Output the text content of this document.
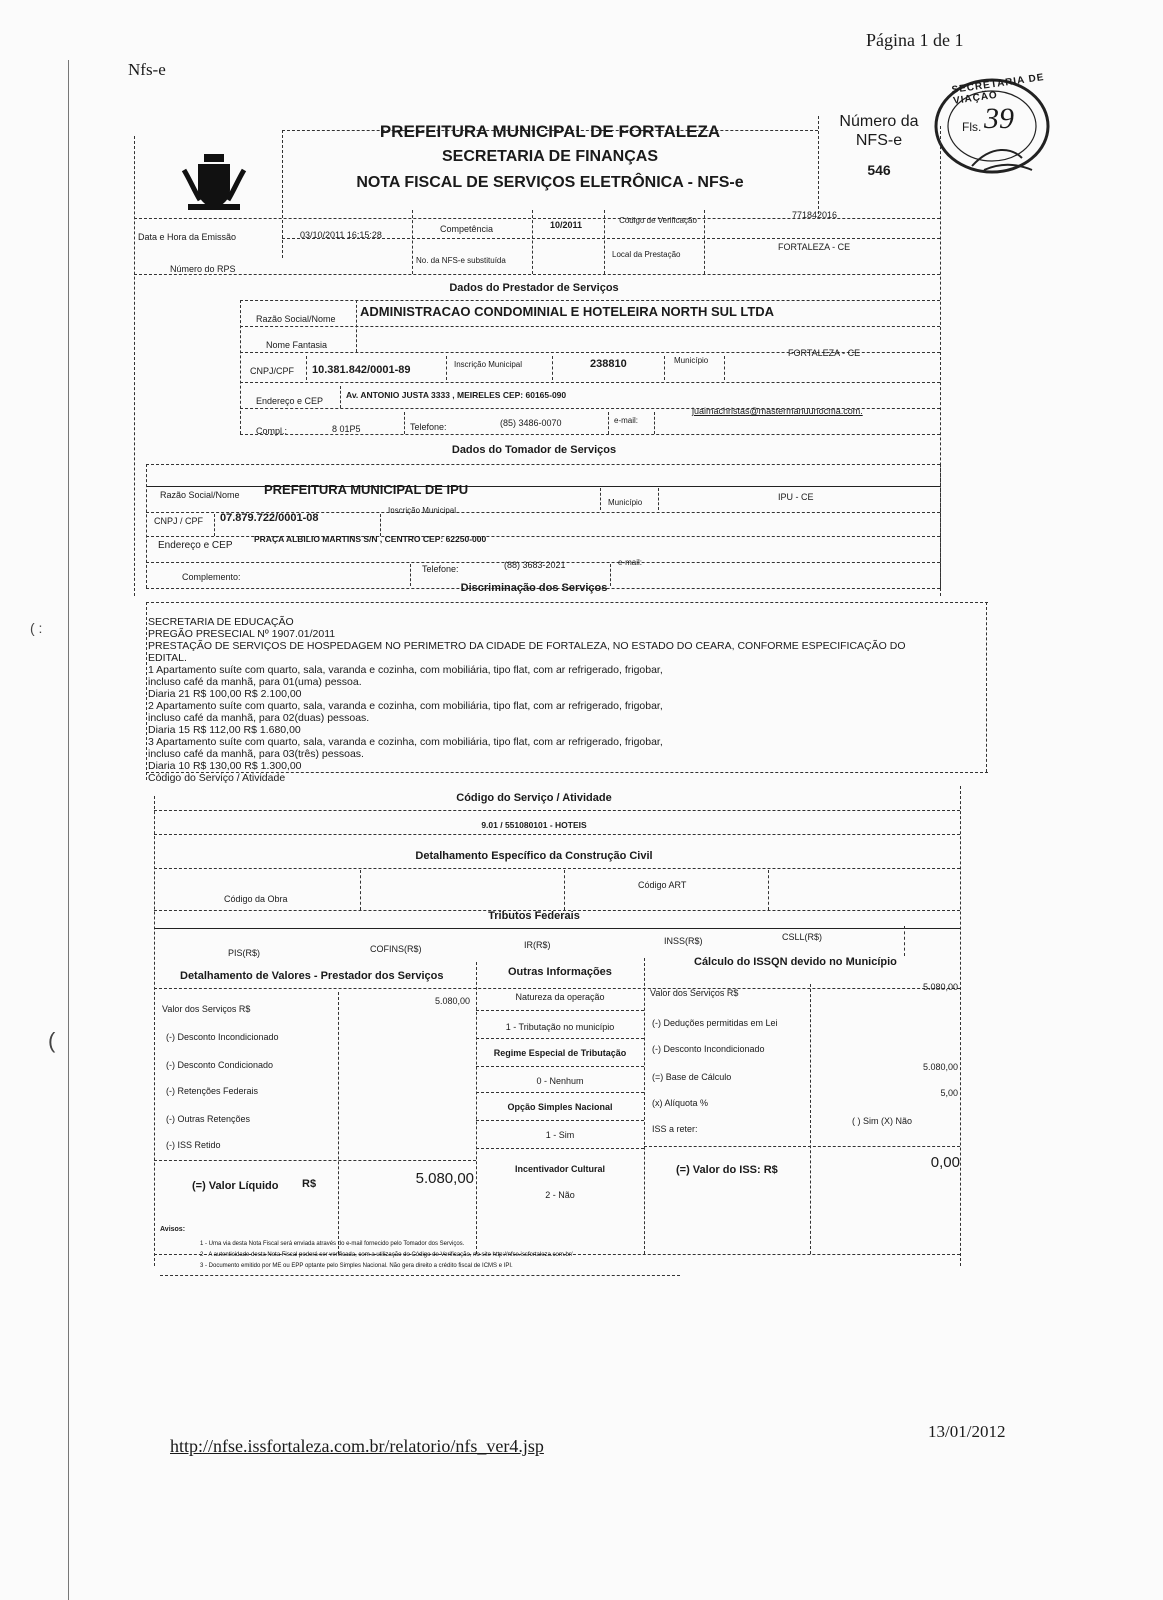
Nfs-e
Página 1 de 1
http://nfse.issfortaleza.com.br/relatorio/nfs_ver4.jsp
13/01/2012
( :
(
SECRETARIA DE VIAÇÃO
Fls. 39
PREFEITURA MUNICIPAL DE FORTALEZA
SECRETARIA DE FINANÇAS
NOTA FISCAL DE SERVIÇOS ELETRÔNICA - NFS-e
Número da NFS-e
546
Data e Hora da Emissão	03/10/2011 16:15:28
Competência	10/2011	Código de Verificação
771842016
Número do RPS
No. da NFS-e substituída
Local da Prestação
FORTALEZA - CE
Dados do Prestador de Serviços
Razão Social/Nome ADMINISTRACAO CONDOMINIAL E HOTELEIRA NORTH SUL LTDA
Nome Fantasia
CNPJ/CPF 10.381.842/0001-89	Inscrição Municipal	238810	Município
FORTALEZA - CE
Endereço e CEP
Av. ANTONIO JUSTA 3333 , MEIRELES CEP: 60165-090
Compl.:	8 01P5	Telefone:	(85) 3486-0070	e-mail:
juaimachristas@mastermanuunocma.com.
Dados do Tomador de Serviços
Razão Social/Nome PREFEITURA MUNICIPAL DE IPU
Município
IPU - CE
CNPJ / CPF 07.879.722/0001-08
Inscrição Municipal
Endereço e CEP
PRAÇA ALBILIO MARTINS S/N , CENTRO CEP: 62250-000
Complemento:
Telefone:	(88) 3683-2021	e-mail:
Discriminação dos Serviços
SECRETARIA DE EDUCAÇÃO
PREGÃO PRESECIAL Nº 1907.01/2011
PRESTAÇÃO DE SERVIÇOS DE HOSPEDAGEM NO PERIMETRO DA CIDADE DE FORTALEZA, NO ESTADO DO CEARA, CONFORME ESPECIFICAÇÃO DO
EDITAL.
1 Apartamento suíte com quarto, sala, varanda e cozinha, com mobiliária, tipo flat, com ar refrigerado, frigobar,
incluso café da manhã, para 01(uma) pessoa.
Diaria 21 R$ 100,00 R$ 2.100,00
2 Apartamento suíte com quarto, sala, varanda e cozinha, com mobiliária, tipo flat, com ar refrigerado, frigobar,
incluso café da manhã, para 02(duas) pessoas.
Diaria 15 R$ 112,00 R$ 1.680,00
3 Apartamento suíte com quarto, sala, varanda e cozinha, com mobiliária, tipo flat, com ar refrigerado, frigobar,
incluso café da manhã, para 03(três) pessoas.
Diaria 10 R$ 130,00 R$ 1.300,00
Código do Serviço / Atividade
Código do Serviço / Atividade
9.01 / 551080101 - HOTEIS
Detalhamento Específico da Construção Civil
Código da Obra
Código ART
Tributos Federais
PIS(R$)	COFINS(R$)	IR(R$)	INSS(R$)	CSLL(R$)
Detalhamento de Valores - Prestador dos Serviços	Outras Informações
Cálculo do ISSQN devido no Município
Valor dos Serviços R$
5.080,00
(-) Desconto Incondicionado
(-) Desconto Condicionado
(-) Retenções Federais
(-) Outras Retenções
(-) ISS Retido
(=) Valor Líquido R$	5.080,00
Natureza da operação
1 - Tributação no município
Regime Especial de Tributação
0 - Nenhum
Opção Simples Nacional
1 - Sim
Incentivador Cultural
2 - Não
Valor dos Serviços R$
5.080,00
(-) Deduções permitidas em Lei
(-) Desconto Incondicionado
(=) Base de Cálculo
5.080,00
(x) Alíquota %
5,00
ISS a reter:
( ) Sim (X) Não
(=) Valor do ISS: R$	0,00
Avisos:
1 - Uma via desta Nota Fiscal será enviada através do e-mail fornecido pelo Tomador dos Serviços.
2 - A autenticidade desta Nota Fiscal poderá ser verificada, com a utilização do Código de Verificação, no site http://nfse.issfortaleza.com.br/
3 - Documento emitido por ME ou EPP optante pelo Simples Nacional. Não gera direito a crédito fiscal de ICMS e IPI.
